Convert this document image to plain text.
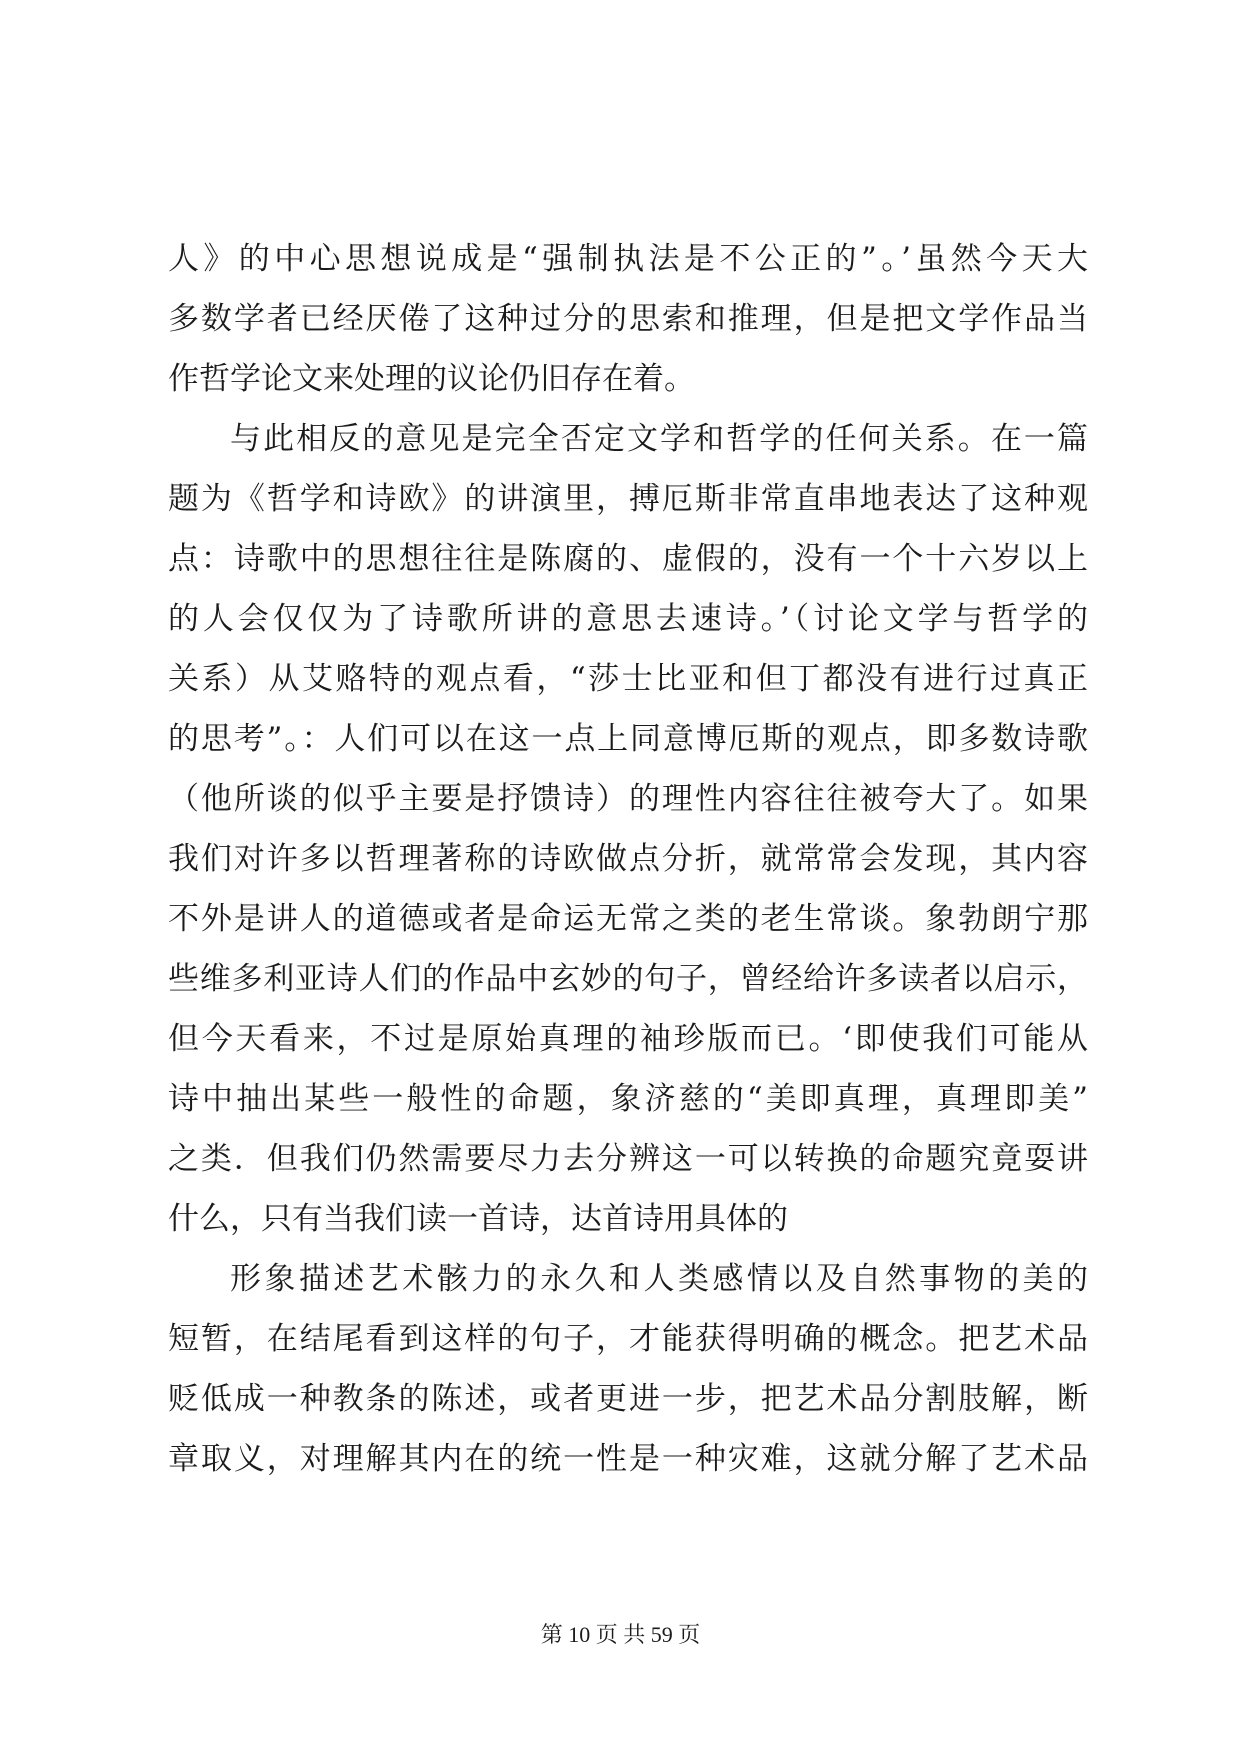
人》的中心思想说成是“强制执法是不公正的”。’虽然今天大
多数学者已经厌倦了这种过分的思索和推理，但是把文学作品当
作哲学论文来处理的议论仍旧存在着。
与此相反的意见是完全否定文学和哲学的任何关系。在一篇
题为《哲学和诗欧》的讲演里，搏厄斯非常直串地表达了这种观
点：诗歌中的思想往往是陈腐的、虚假的，没有一个十六岁以上
的人会仅仅为了诗歌所讲的意思去速诗。’（讨论文学与哲学的
关系）从艾赂特的观点看，“莎士比亚和但丁都没有进行过真正
的思考”。：人们可以在这一点上同意博厄斯的观点，即多数诗歌
（他所谈的似乎主要是抒馈诗）的理性内容往往被夸大了。如果
我们对许多以哲理著称的诗欧做点分折，就常常会发现，其内容
不外是讲人的道德或者是命运无常之类的老生常谈。象勃朗宁那
些维多利亚诗人们的作品中玄妙的句子，曾经给许多读者以启示，
但今天看来，不过是原始真理的袖珍版而已。‘即使我们可能从
诗中抽出某些一般性的命题，象济慈的“美即真理，真理即美”
之类．但我们仍然需要尽力去分辨这一可以转换的命题究竟耍讲
什么，只有当我们读一首诗，达首诗用具体的
形象描述艺术骸力的永久和人类感情以及自然事物的美的
短暂，在结尾看到这样的句子，才能获得明确的概念。把艺术品
贬低成一种教条的陈述，或者更进一步，把艺术品分割肢解，断
章取义，对理解其内在的统一性是一种灾难，这就分解了艺术品
第 10 页 共 59 页
